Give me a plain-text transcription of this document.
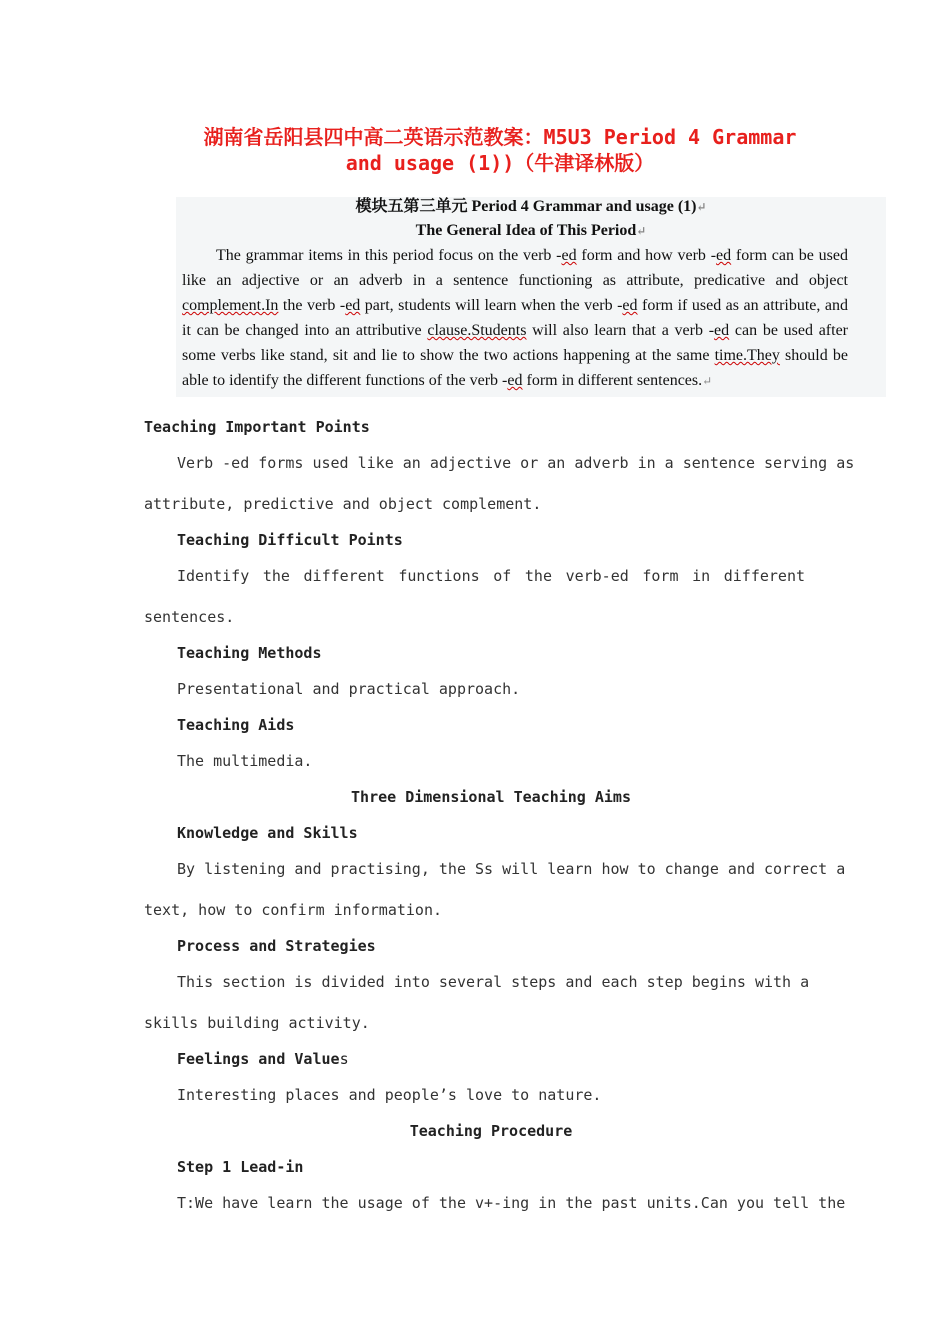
湖南省岳阳县四中高二英语示范教案：M5U3 Period 4 Grammar
and usage (1))（牛津译林版）
模块五第三单元 Period 4 Grammar and usage (1)↵
The General Idea of This Period↵
The grammar items in this period focus on the verb -ed form and how verb -ed form can be used like an adjective or an adverb in a sentence functioning as attribute, predicative and object complement.In the verb -ed part, students will learn when the verb -ed form if used as an attribute, and it can be changed into an attributive clause.Students will also learn that a verb -ed can be used after some verbs like stand, sit and lie to show the two actions happening at the same time.They should be able to identify the different functions of the verb -ed form in different sentences.↵
Teaching Important Points
Verb -ed forms used like an adjective or an adverb in a sentence serving as
attribute, predictive and object complement.
Teaching Difficult Points
Identify the different functions of the verb-ed form in different
sentences.
Teaching Methods
Presentational and practical approach.
Teaching Aids
The multimedia.
Three Dimensional Teaching Aims
Knowledge and Skills
By listening and practising, the Ss will learn how to change and correct a
text, how to confirm information.
Process and Strategies
This section is divided into several steps and each step begins with a
skills building activity.
Feelings and Values
Interesting places and people’s love to nature.
Teaching Procedure
Step 1 Lead-in
T:We have learn the usage of the v+-ing in the past units.Can you tell the
